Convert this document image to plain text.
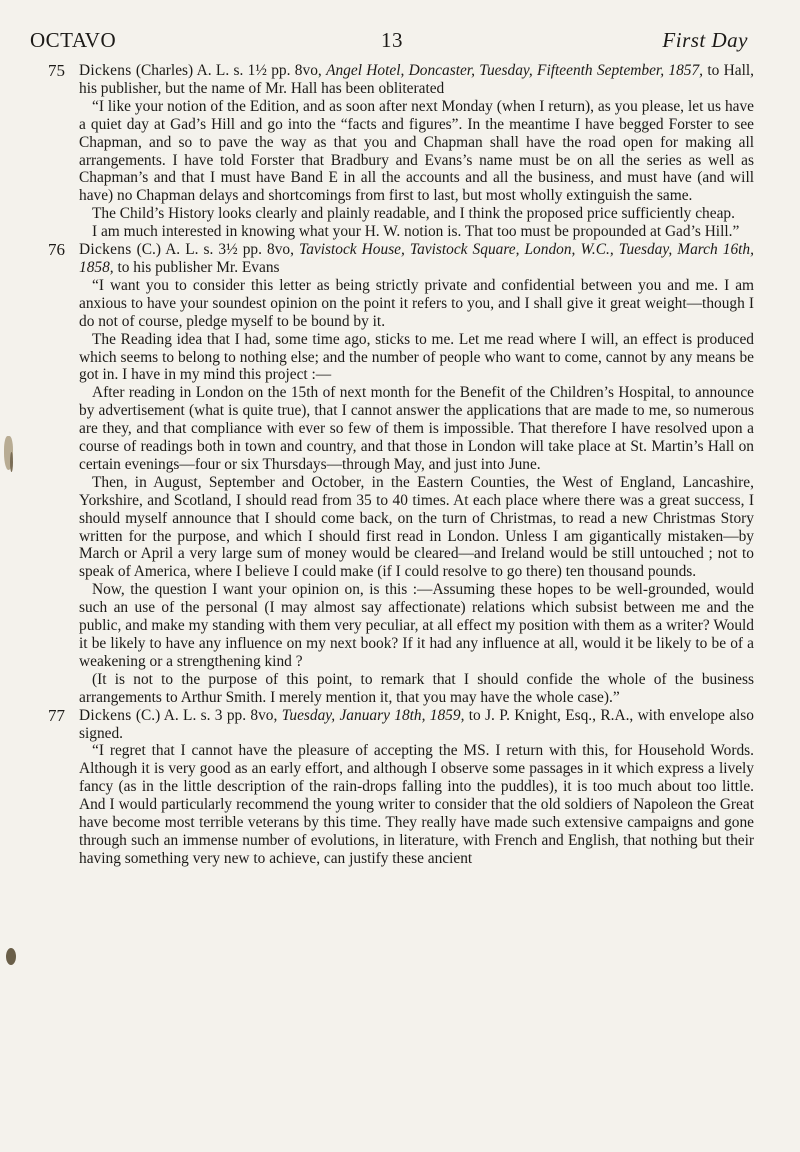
OCTAVO	13	First Day
75 Dickens (Charles) A. L. s. 1½ pp. 8vo, Angel Hotel, Doncaster, Tuesday, Fifteenth September, 1857, to Hall, his publisher, but the name of Mr. Hall has been obliterated

“I like your notion of the Edition, and as soon after next Monday (when I return), as you please, let us have a quiet day at Gad’s Hill and go into the “facts and figures”. In the meantime I have begged Forster to see Chapman, and so to pave the way as that you and Chapman shall have the road open for making all arrangements. I have told Forster that Bradbury and Evans’s name must be on all the series as well as Chapman’s and that I must have Band E in all the accounts and all the business, and must have (and will have) no Chapman delays and shortcomings from first to last, but most wholly extinguish the same.

The Child’s History looks clearly and plainly readable, and I think the proposed price sufficiently cheap.

I am much interested in knowing what your H. W. notion is. That too must be propounded at Gad’s Hill.”

76 Dickens (C.) A. L. s. 3½ pp. 8vo, Tavistock House, Tavistock Square, London, W.C., Tuesday, March 16th, 1858, to his publisher Mr. Evans

“I want you to consider this letter as being strictly private and confidential between you and me. I am anxious to have your soundest opinion on the point it refers to you, and I shall give it great weight—though I do not of course, pledge myself to be bound by it.

The Reading idea that I had, some time ago, sticks to me. Let me read where I will, an effect is produced which seems to belong to nothing else; and the number of people who want to come, cannot by any means be got in. I have in my mind this project :—

After reading in London on the 15th of next month for the Benefit of the Children’s Hospital, to announce by advertisement (what is quite true), that I cannot answer the applications that are made to me, so numerous are they, and that compliance with ever so few of them is impossible. That therefore I have resolved upon a course of readings both in town and country, and that those in London will take place at St. Martin’s Hall on certain evenings—four or six Thursdays—through May, and just into June.

Then, in August, September and October, in the Eastern Counties, the West of England, Lancashire, Yorkshire, and Scotland, I should read from 35 to 40 times. At each place where there was a great success, I should myself announce that I should come back, on the turn of Christmas, to read a new Christmas Story written for the purpose, and which I should first read in London. Unless I am gigantically mistaken—by March or April a very large sum of money would be cleared—and Ireland would be still untouched ; not to speak of America, where I believe I could make (if I could resolve to go there) ten thousand pounds.

Now, the question I want your opinion on, is this :—Assuming these hopes to be well-grounded, would such an use of the personal (I may almost say affectionate) relations which subsist between me and the public, and make my standing with them very peculiar, at all effect my position with them as a writer? Would it be likely to have any influence on my next book? If it had any influence at all, would it be likely to be of a weakening or a strengthening kind ?

(It is not to the purpose of this point, to remark that I should confide the whole of the business arrangements to Arthur Smith. I merely mention it, that you may have the whole case).”

77 Dickens (C.) A. L. s. 3 pp. 8vo, Tuesday, January 18th, 1859, to J. P. Knight, Esq., R.A., with envelope also signed.

“I regret that I cannot have the pleasure of accepting the MS. I return with this, for Household Words. Although it is very good as an early effort, and although I observe some passages in it which express a lively fancy (as in the little description of the rain-drops falling into the puddles), it is too much about too little. And I would particularly recommend the young writer to consider that the old soldiers of Napoleon the Great have become most terrible veterans by this time. They really have made such extensive campaigns and gone through such an immense number of evolutions, in literature, with French and English, that nothing but their having something very new to achieve, can justify these ancient
